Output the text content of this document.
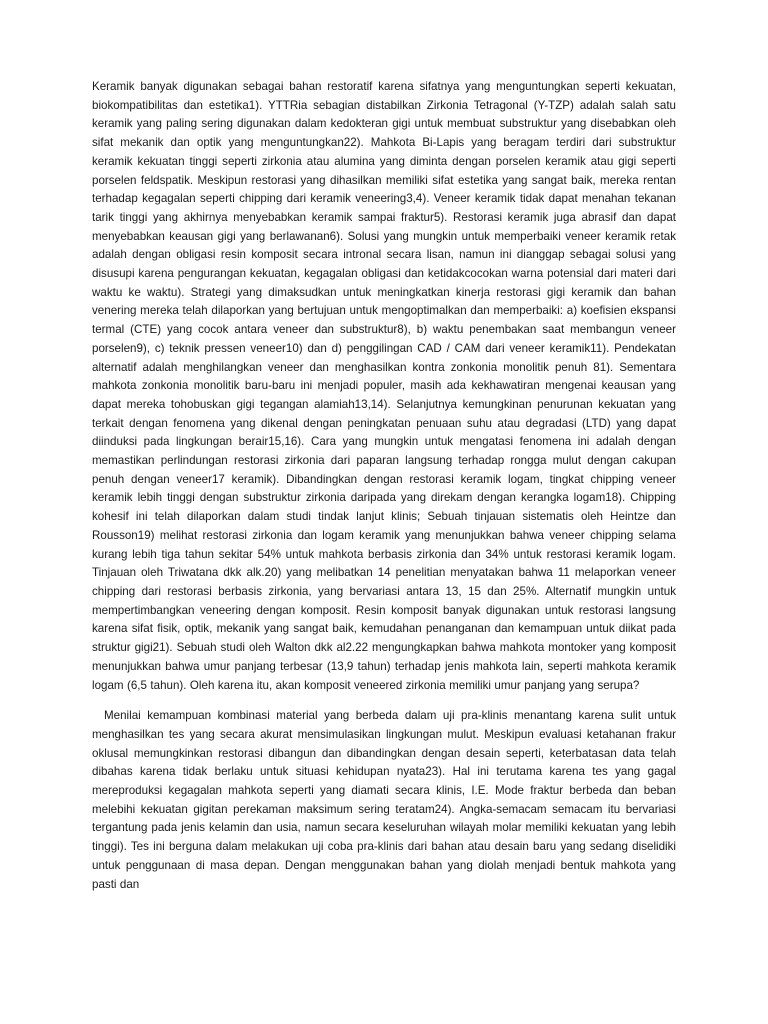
Keramik banyak digunakan sebagai bahan restoratif karena sifatnya yang menguntungkan seperti kekuatan, biokompatibilitas dan estetika1). YTTRia sebagian distabilkan Zirkonia Tetragonal (Y-TZP) adalah salah satu keramik yang paling sering digunakan dalam kedokteran gigi untuk membuat substruktur yang disebabkan oleh sifat mekanik dan optik yang menguntungkan22). Mahkota Bi-Lapis yang beragam terdiri dari substruktur keramik kekuatan tinggi seperti zirkonia atau alumina yang diminta dengan porselen keramik atau gigi seperti porselen feldspatik. Meskipun restorasi yang dihasilkan memiliki sifat estetika yang sangat baik, mereka rentan terhadap kegagalan seperti chipping dari keramik veneering3,4). Veneer keramik tidak dapat menahan tekanan tarik tinggi yang akhirnya menyebabkan keramik sampai fraktur5). Restorasi keramik juga abrasif dan dapat menyebabkan keausan gigi yang berlawanan6). Solusi yang mungkin untuk memperbaiki veneer keramik retak adalah dengan obligasi resin komposit secara intronal secara lisan, namun ini dianggap sebagai solusi yang disusupi karena pengurangan kekuatan, kegagalan obligasi dan ketidakcocokan warna potensial dari materi dari waktu ke waktu). Strategi yang dimaksudkan untuk meningkatkan kinerja restorasi gigi keramik dan bahan venering mereka telah dilaporkan yang bertujuan untuk mengoptimalkan dan memperbaiki: a) koefisien ekspansi termal (CTE) yang cocok antara veneer dan substruktur8), b) waktu penembakan saat membangun veneer porselen9), c) teknik pressen veneer10) dan d) penggilingan CAD / CAM dari veneer keramik11). Pendekatan alternatif adalah menghilangkan veneer dan menghasilkan kontra zonkonia monolitik penuh 81). Sementara mahkota zonkonia monolitik baru-baru ini menjadi populer, masih ada kekhawatiran mengenai keausan yang dapat mereka tohobuskan gigi tegangan alamiah13,14). Selanjutnya kemungkinan penurunan kekuatan yang terkait dengan fenomena yang dikenal dengan peningkatan penuaan suhu atau degradasi (LTD) yang dapat diinduksi pada lingkungan berair15,16). Cara yang mungkin untuk mengatasi fenomena ini adalah dengan memastikan perlindungan restorasi zirkonia dari paparan langsung terhadap rongga mulut dengan cakupan penuh dengan veneer17 keramik). Dibandingkan dengan restorasi keramik logam, tingkat chipping veneer keramik lebih tinggi dengan substruktur zirkonia daripada yang direkam dengan kerangka logam18). Chipping kohesif ini telah dilaporkan dalam studi tindak lanjut klinis; Sebuah tinjauan sistematis oleh Heintze dan Rousson19) melihat restorasi zirkonia dan logam keramik yang menunjukkan bahwa veneer chipping selama kurang lebih tiga tahun sekitar 54% untuk mahkota berbasis zirkonia dan 34% untuk restorasi keramik logam. Tinjauan oleh Triwatana dkk alk.20) yang melibatkan 14 penelitian menyatakan bahwa 11 melaporkan veneer chipping dari restorasi berbasis zirkonia, yang bervariasi antara 13, 15 dan 25%. Alternatif mungkin untuk mempertimbangkan veneering dengan komposit. Resin komposit banyak digunakan untuk restorasi langsung karena sifat fisik, optik, mekanik yang sangat baik, kemudahan penanganan dan kemampuan untuk diikat pada struktur gigi21). Sebuah studi oleh Walton dkk al2.22 mengungkapkan bahwa mahkota montoker yang komposit menunjukkan bahwa umur panjang terbesar (13,9 tahun) terhadap jenis mahkota lain, seperti mahkota keramik logam (6,5 tahun). Oleh karena itu, akan komposit veneered zirkonia memiliki umur panjang yang serupa?

Menilai kemampuan kombinasi material yang berbeda dalam uji pra-klinis menantang karena sulit untuk menghasilkan tes yang secara akurat mensimulasikan lingkungan mulut. Meskipun evaluasi ketahanan frakur oklusal memungkinkan restorasi dibangun dan dibandingkan dengan desain seperti, keterbatasan data telah dibahas karena tidak berlaku untuk situasi kehidupan nyata23). Hal ini terutama karena tes yang gagal mereproduksi kegagalan mahkota seperti yang diamati secara klinis, I.E. Mode fraktur berbeda dan beban melebihi kekuatan gigitan perekaman maksimum sering teratam24). Angka-semacam semacam itu bervariasi tergantung pada jenis kelamin dan usia, namun secara keseluruhan wilayah molar memiliki kekuatan yang lebih tinggi). Tes ini berguna dalam melakukan uji coba pra-klinis dari bahan atau desain baru yang sedang diselidiki untuk penggunaan di masa depan. Dengan menggunakan bahan yang diolah menjadi bentuk mahkota yang pasti dan
